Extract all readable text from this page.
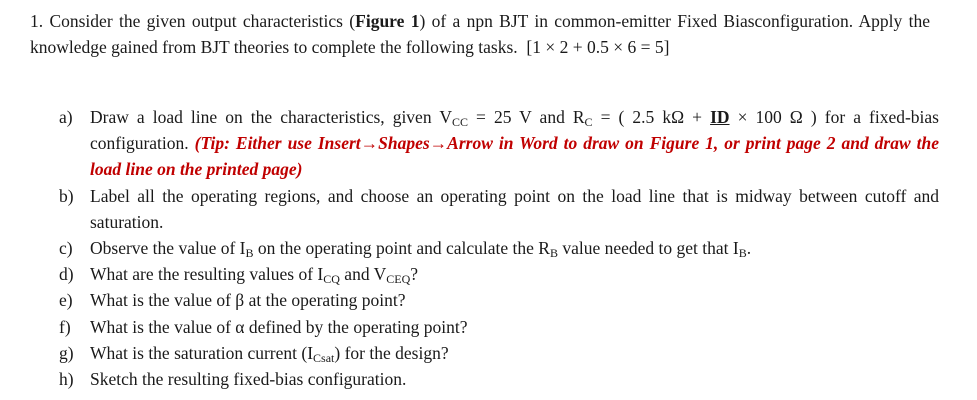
1. Consider the given output characteristics (Figure 1) of a npn BJT in common-emitter Fixed Biasconfiguration. Apply the knowledge gained from BJT theories to complete the following tasks. [1 × 2 + 0.5 × 6 = 5]

a) Draw a load line on the characteristics, given $V_{CC} = 25$ V and $R_C$ = ( 2.5 kΩ + ID × 100 Ω ) for a fixed-bias configuration. (Tip: Either use Insert→Shapes→Arrow in Word to draw on Figure 1, or print page 2 and draw the load line on the printed page)
b) Label all the operating regions, and choose an operating point on the load line that is midway between cutoff and saturation.
c) Observe the value of $I_B$ on the operating point and calculate the $R_B$ value needed to get that $I_B$.
d) What are the resulting values of $I_{CQ}$ and $V_{CEQ}$?
e) What is the value of β at the operating point?
f) What is the value of α defined by the operating point?
g) What is the saturation current $(I_{Csat})$ for the design?
h) Sketch the resulting fixed-bias configuration.
